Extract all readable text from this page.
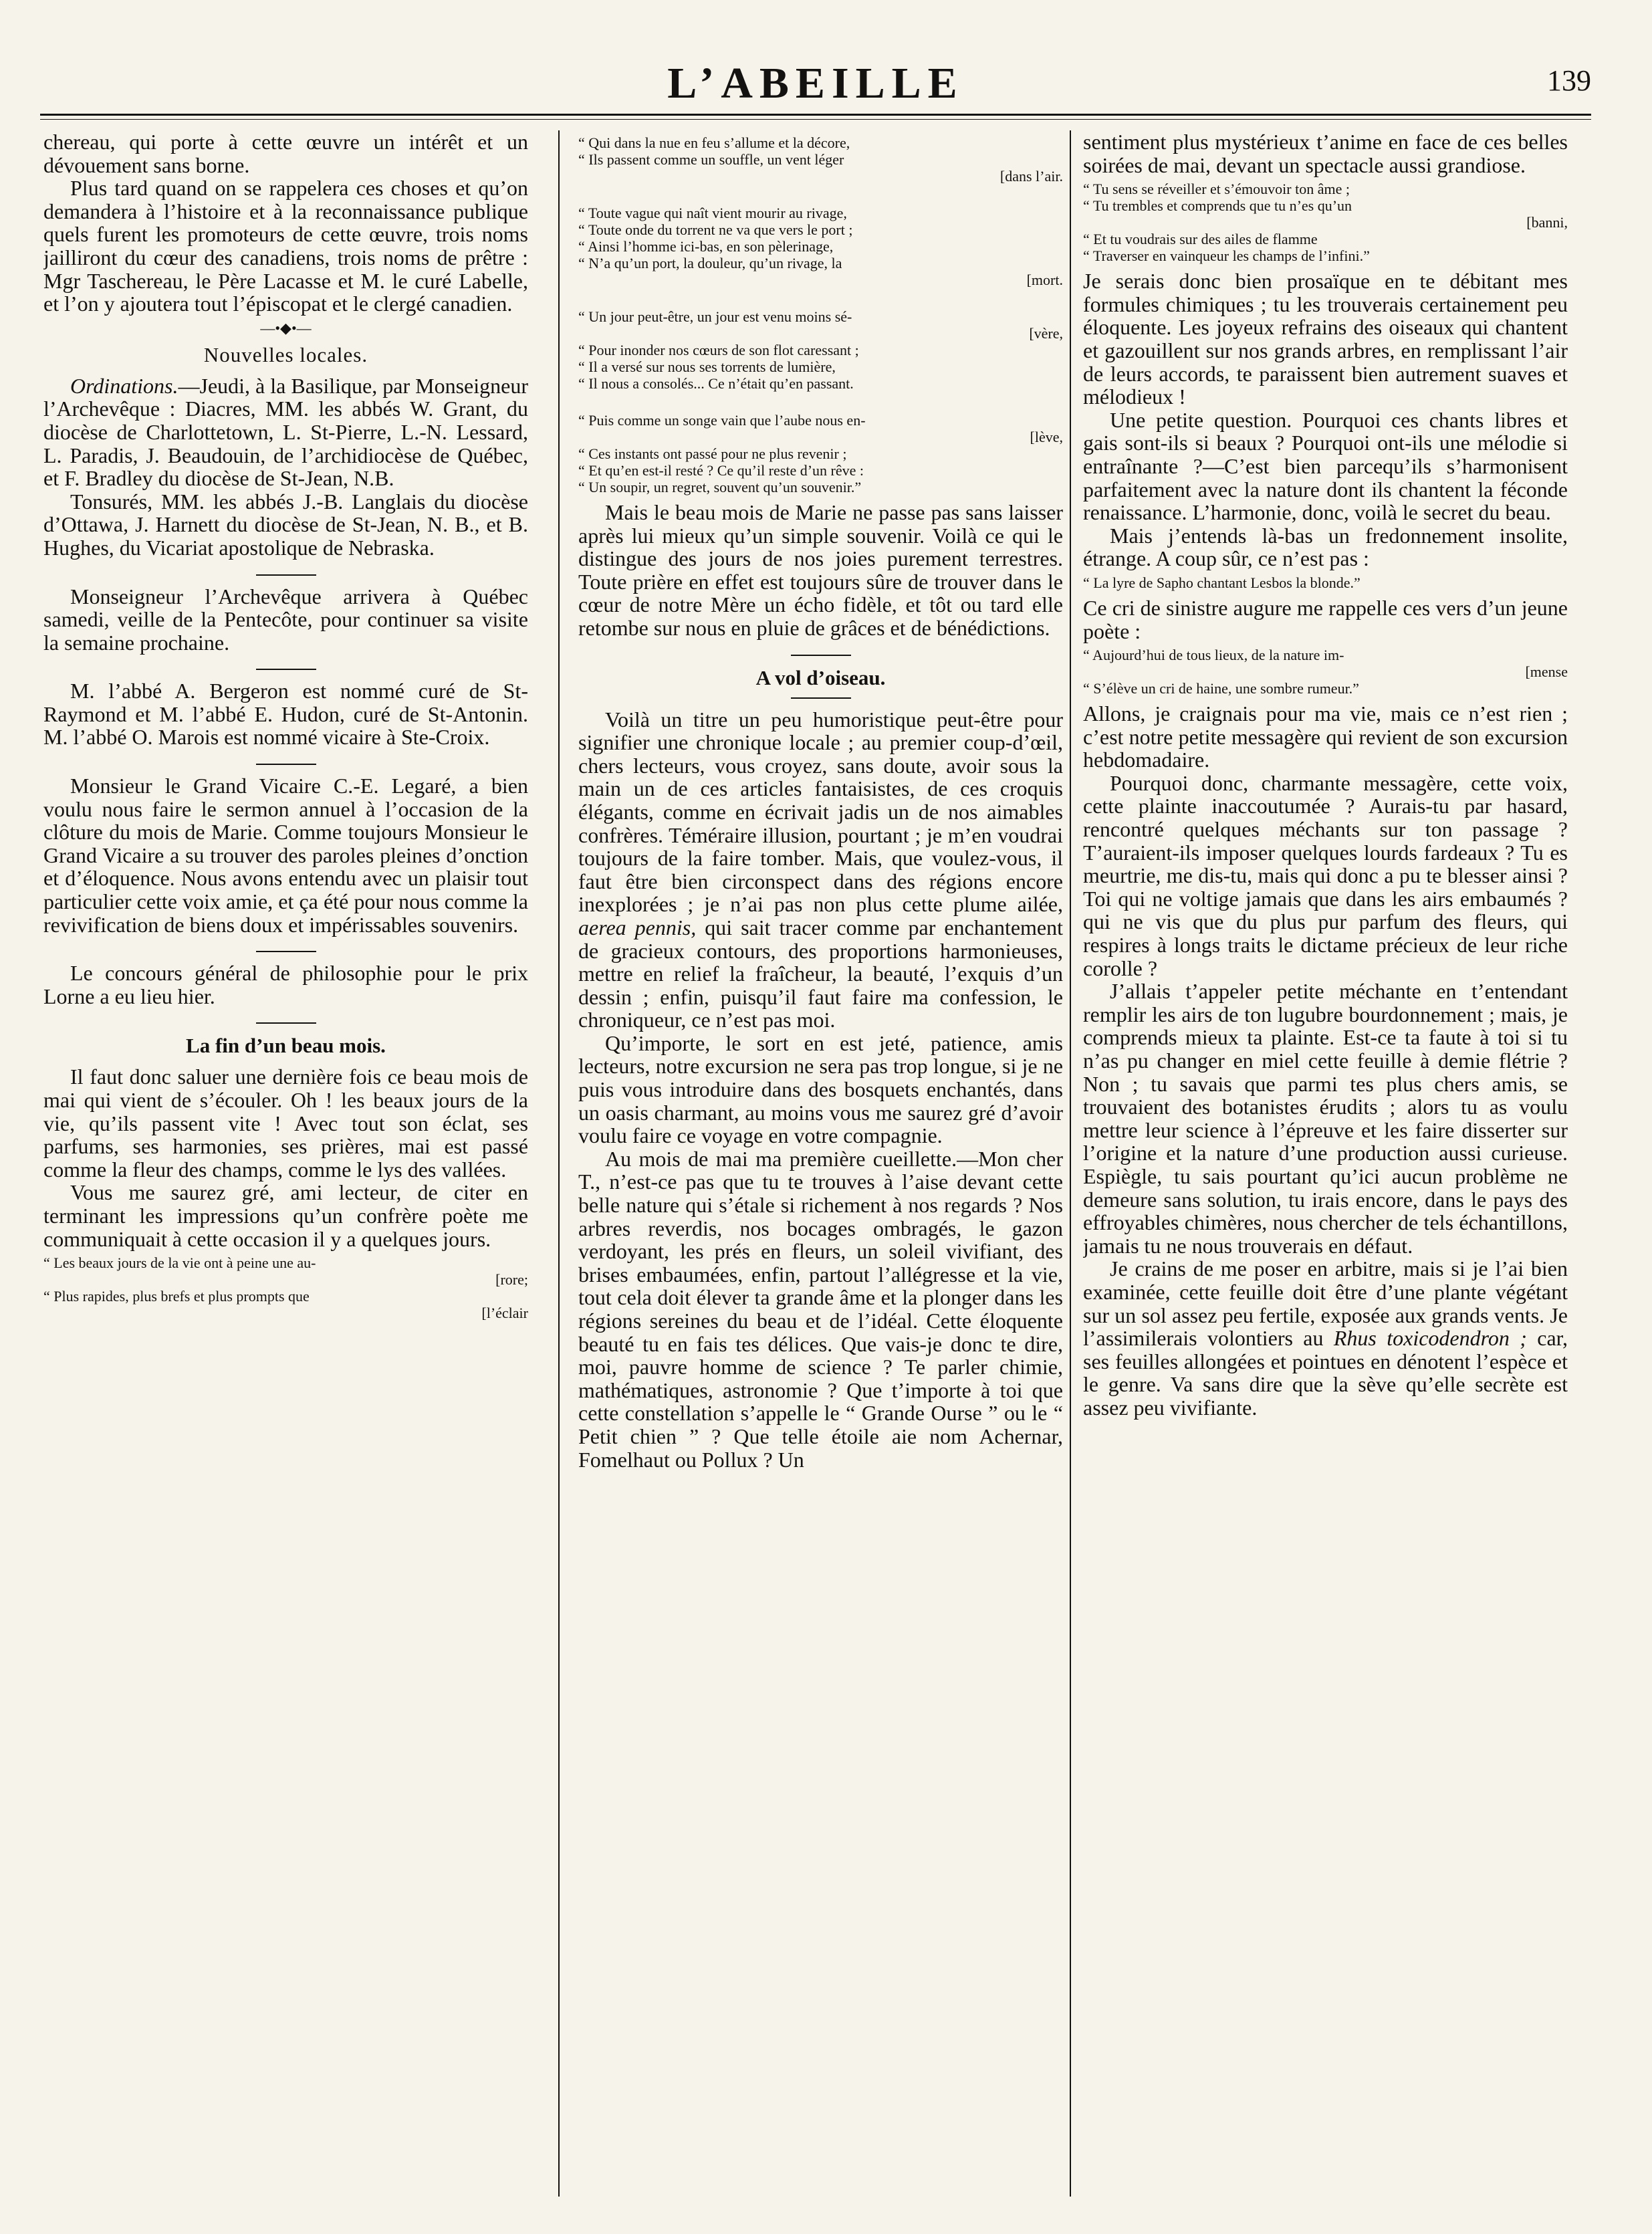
L’ABEILLE	139

chereau, qui porte à cette œuvre un intérêt et un dévouement sans borne.

Plus tard quand on se rappelera ces choses et qu’on demandera à l’histoire et à la reconnaissance publique quels furent les promoteurs de cette œuvre, trois noms jailliront du cœur des canadiens, trois noms de prêtre : Mgr Taschereau, le Père Lacasse et M. le curé Labelle, et l’on y ajoutera tout l’épiscopat et le clergé canadien.

—•◆•—
Nouvelles locales.

Ordinations.—Jeudi, à la Basilique, par Monseigneur l’Archevêque : Diacres, MM. les abbés W. Grant, du diocèse de Charlottetown, L. St-Pierre, L.-N. Lessard, L. Paradis, J. Beaudouin, de l’archidiocèse de Québec, et F. Bradley du diocèse de St-Jean, N.B.

Tonsurés, MM. les abbés J.-B. Langlais du diocèse d’Ottawa, J. Harnett du diocèse de St-Jean, N. B., et B. Hughes, du Vicariat apostolique de Nebraska.

Monseigneur l’Archevêque arrivera à Québec samedi, veille de la Pentecôte, pour continuer sa visite la semaine prochaine.

M. l’abbé A. Bergeron est nommé curé de St-Raymond et M. l’abbé E. Hudon, curé de St-Antonin. M. l’abbé O. Marois est nommé vicaire à Ste-Croix.

Monsieur le Grand Vicaire C.-E. Legaré, a bien voulu nous faire le sermon annuel à l’occasion de la clôture du mois de Marie. Comme toujours Monsieur le Grand Vicaire a su trouver des paroles pleines d’onction et d’éloquence. Nous avons entendu avec un plaisir tout particulier cette voix amie, et ça été pour nous comme la revivification de biens doux et impérissables souvenirs.

Le concours général de philosophie pour le prix Lorne a eu lieu hier.

La fin d’un beau mois.

Il faut donc saluer une dernière fois ce beau mois de mai qui vient de s’écouler. Oh ! les beaux jours de la vie, qu’ils passent vite ! Avec tout son éclat, ses parfums, ses harmonies, ses prières, mai est passé comme la fleur des champs, comme le lys des vallées.

Vous me saurez gré, ami lecteur, de citer en terminant les impressions qu’un confrère poète me communiquait à cette occasion il y a quelques jours.

“ Les beaux jours de la vie ont à peine une au-
[rore;
“ Plus rapides, plus brefs et plus prompts que
[l’éclair
“ Qui dans la nue en feu s’allume et la décore,
“ Ils passent comme un souffle, un vent léger
[dans l’air.
“ Toute vague qui naît vient mourir au rivage,
“ Toute onde du torrent ne va que vers le port ;
“ Ainsi l’homme ici-bas, en son pèlerinage,
“ N’a qu’un port, la douleur, qu’un rivage, la
[mort.
“ Un jour peut-être, un jour est venu moins sé-
[vère,
“ Pour inonder nos cœurs de son flot caressant ;
“ Il a versé sur nous ses torrents de lumière,
“ Il nous a consolés... Ce n’était qu’en passant.
“ Puis comme un songe vain que l’aube nous en-
[lève,
“ Ces instants ont passé pour ne plus revenir ;
“ Et qu’en est-il resté ? Ce qu’il reste d’un rêve :
“ Un soupir, un regret, souvent qu’un souvenir.”

Mais le beau mois de Marie ne passe pas sans laisser après lui mieux qu’un simple souvenir. Voilà ce qui le distingue des jours de nos joies purement terrestres. Toute prière en effet est toujours sûre de trouver dans le cœur de notre Mère un écho fidèle, et tôt ou tard elle retombe sur nous en pluie de grâces et de bénédictions.

A vol d’oiseau.

Voilà un titre un peu humoristique peut-être pour signifier une chronique locale ; au premier coup-d’œil, chers lecteurs, vous croyez, sans doute, avoir sous la main un de ces articles fantaisistes, de ces croquis élégants, comme en écrivait jadis un de nos aimables confrères. Téméraire illusion, pourtant ; je m’en voudrai toujours de la faire tomber. Mais, que voulez-vous, il faut être bien circonspect dans des régions encore inexplorées ; je n’ai pas non plus cette plume ailée, aerea pennis, qui sait tracer comme par enchantement de gracieux contours, des proportions harmonieuses, mettre en relief la fraîcheur, la beauté, l’exquis d’un dessin ; enfin, puisqu’il faut faire ma confession, le chroniqueur, ce n’est pas moi.

Qu’importe, le sort en est jeté, patience, amis lecteurs, notre excursion ne sera pas trop longue, si je ne puis vous introduire dans des bosquets enchantés, dans un oasis charmant, au moins vous me saurez gré d’avoir voulu faire ce voyage en votre compagnie.

Au mois de mai ma première cueillette.—Mon cher T., n’est-ce pas que tu te trouves à l’aise devant cette belle nature qui s’étale si richement à nos regards ? Nos arbres reverdis, nos bocages ombragés, le gazon verdoyant, les prés en fleurs, un soleil vivifiant, des brises embaumées, enfin, partout l’allégresse et la vie, tout cela doit élever ta grande âme et la plonger dans les régions sereines du beau et de l’idéal. Cette éloquente beauté tu en fais tes délices. Que vais-je donc te dire, moi, pauvre homme de science ? Te parler chimie, mathématiques, astronomie ? Que t’importe à toi que cette constellation s’appelle le “ Grande Ourse ” ou le “ Petit chien ” ? Que telle étoile aie nom Achernar, Fomelhaut ou Pollux ? Un

sentiment plus mystérieux t’anime en face de ces belles soirées de mai, devant un spectacle aussi grandiose.

“ Tu sens se réveiller et s’émouvoir ton âme ;
“ Tu trembles et comprends que tu n’es qu’un
[banni,
“ Et tu voudrais sur des ailes de flamme
“ Traverser en vainqueur les champs de l’infini.”

Je serais donc bien prosaïque en te débitant mes formules chimiques ; tu les trouverais certainement peu éloquente. Les joyeux refrains des oiseaux qui chantent et gazouillent sur nos grands arbres, en remplissant l’air de leurs accords, te paraissent bien autrement suaves et mélodieux !

Une petite question. Pourquoi ces chants libres et gais sont-ils si beaux ? Pourquoi ont-ils une mélodie si entraînante ?—C’est bien parcequ’ils s’harmonisent parfaitement avec la nature dont ils chantent la féconde renaissance. L’harmonie, donc, voilà le secret du beau.

Mais j’entends là-bas un fredonnement insolite, étrange. A coup sûr, ce n’est pas :

“ La lyre de Sapho chantant Lesbos la blonde.”

Ce cri de sinistre augure me rappelle ces vers d’un jeune poète :

“ Aujourd’hui de tous lieux, de la nature im-
[mense
“ S’élève un cri de haine, une sombre rumeur.”

Allons, je craignais pour ma vie, mais ce n’est rien ; c’est notre petite messagère qui revient de son excursion hebdomadaire.

Pourquoi donc, charmante messagère, cette voix, cette plainte inaccoutumée ? Aurais-tu par hasard, rencontré quelques méchants sur ton passage ? T’auraient-ils imposer quelques lourds fardeaux ? Tu es meurtrie, me dis-tu, mais qui donc a pu te blesser ainsi ? Toi qui ne voltige jamais que dans les airs embaumés ? qui ne vis que du plus pur parfum des fleurs, qui respires à longs traits le dictame précieux de leur riche corolle ?

J’allais t’appeler petite méchante en t’entendant remplir les airs de ton lugubre bourdonnement ; mais, je comprends mieux ta plainte. Est-ce ta faute à toi si tu n’as pu changer en miel cette feuille à demie flétrie ? Non ; tu savais que parmi tes plus chers amis, se trouvaient des botanistes érudits ; alors tu as voulu mettre leur science à l’épreuve et les faire disserter sur l’origine et la nature d’une production aussi curieuse. Espiègle, tu sais pourtant qu’ici aucun problème ne demeure sans solution, tu irais encore, dans le pays des effroyables chimères, nous chercher de tels échantillons, jamais tu ne nous trouverais en défaut.

Je crains de me poser en arbitre, mais si je l’ai bien examinée, cette feuille doit être d’une plante végétant sur un sol assez peu fertile, exposée aux grands vents. Je l’assimilerais volontiers au Rhus toxicodendron ; car, ses feuilles allongées et pointues en dénotent l’espèce et le genre. Va sans dire que la sève qu’elle secrète est assez peu vivifiante.
